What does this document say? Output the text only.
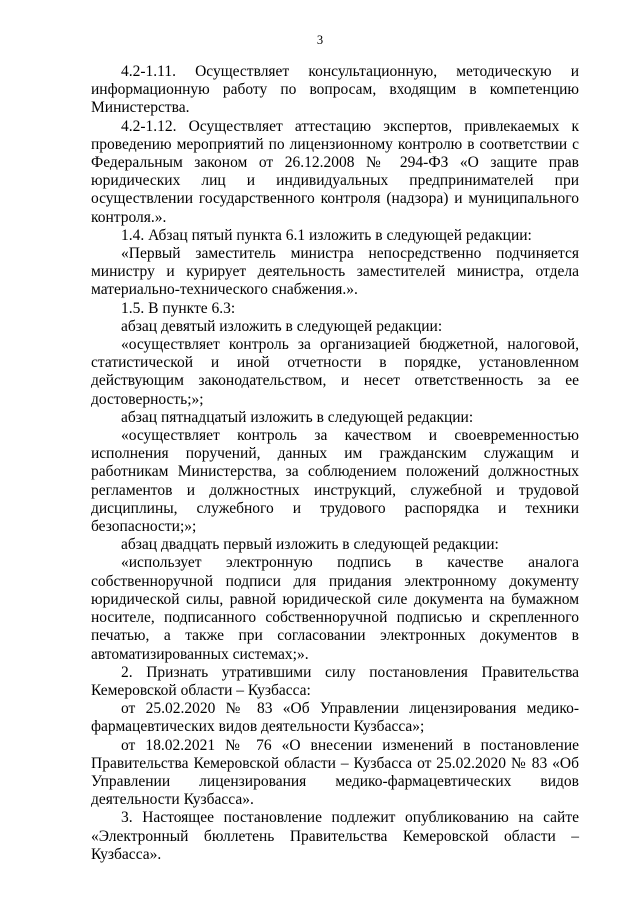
3

4.2-1.11. Осуществляет консультационную, методическую и информационную работу по вопросам, входящим в компетенцию Министерства.

4.2-1.12. Осуществляет аттестацию экспертов, привлекаемых к проведению мероприятий по лицензионному контролю в соответствии с Федеральным законом от 26.12.2008 № 294-ФЗ «О защите прав юридических лиц и индивидуальных предпринимателей при осуществлении государственного контроля (надзора) и муниципального контроля.».

1.4. Абзац пятый пункта 6.1 изложить в следующей редакции:

«Первый заместитель министра непосредственно подчиняется министру и курирует деятельность заместителей министра, отдела материально-технического снабжения.».

1.5. В пункте 6.3:

абзац девятый изложить в следующей редакции:

«осуществляет контроль за организацией бюджетной, налоговой, статистической и иной отчетности в порядке, установленном действующим законодательством, и несет ответственность за ее достоверность;»;

абзац пятнадцатый изложить в следующей редакции:

«осуществляет контроль за качеством и своевременностью исполнения поручений, данных им гражданским служащим и работникам Министерства, за соблюдением положений должностных регламентов и должностных инструкций, служебной и трудовой дисциплины, служебного и трудового распорядка и техники безопасности;»;

абзац двадцать первый изложить в следующей редакции:

«использует электронную подпись в качестве аналога собственноручной подписи для придания электронному документу юридической силы, равной юридической силе документа на бумажном носителе, подписанного собственноручной подписью и скрепленного печатью, а также при согласовании электронных документов в автоматизированных системах;».

2. Признать утратившими силу постановления Правительства Кемеровской области – Кузбасса:

от 25.02.2020 № 83 «Об Управлении лицензирования медико-фармацевтических видов деятельности Кузбасса»;

от 18.02.2021 № 76 «О внесении изменений в постановление Правительства Кемеровской области – Кузбасса от 25.02.2020 № 83 «Об Управлении лицензирования медико-фармацевтических видов деятельности Кузбасса».

3. Настоящее постановление подлежит опубликованию на сайте «Электронный бюллетень Правительства Кемеровской области – Кузбасса».
